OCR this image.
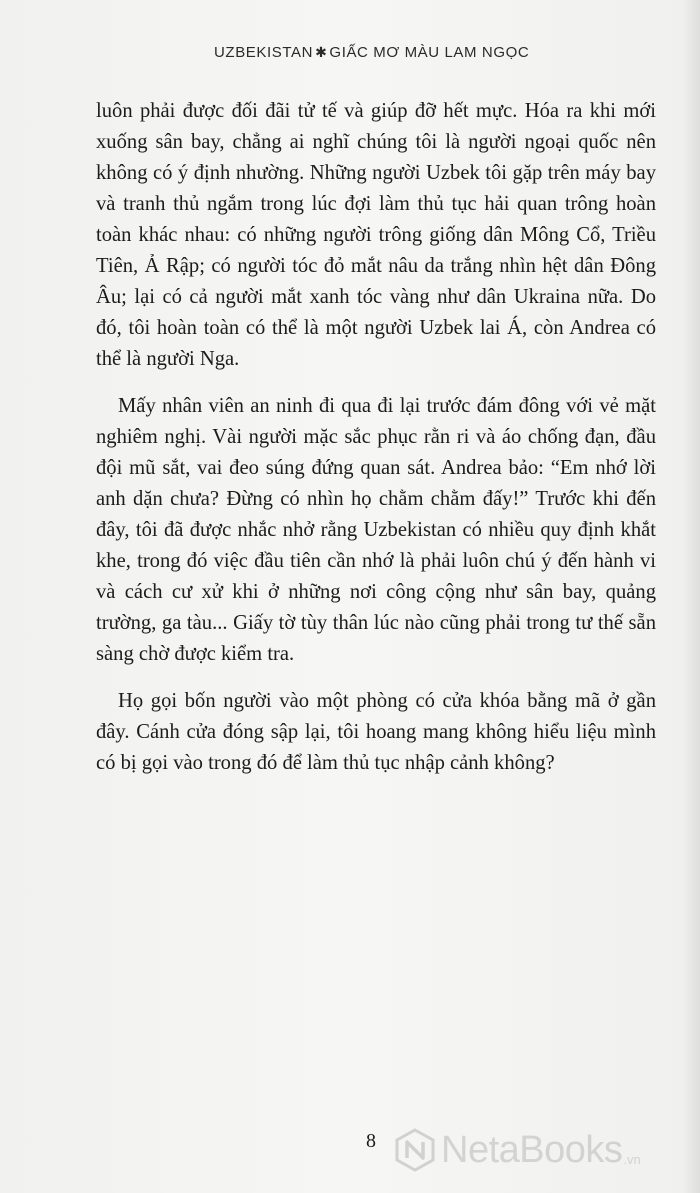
UZBEKISTAN ✱ GIẤC MƠ MÀU LAM NGỌC

luôn phải được đối đãi tử tế và giúp đỡ hết mực. Hóa ra khi mới xuống sân bay, chẳng ai nghĩ chúng tôi là người ngoại quốc nên không có ý định nhường. Những người Uzbek tôi gặp trên máy bay và tranh thủ ngắm trong lúc đợi làm thủ tục hải quan trông hoàn toàn khác nhau: có những người trông giống dân Mông Cổ, Triều Tiên, Ả Rập; có người tóc đỏ mắt nâu da trắng nhìn hệt dân Đông Âu; lại có cả người mắt xanh tóc vàng như dân Ukraina nữa. Do đó, tôi hoàn toàn có thể là một người Uzbek lai Á, còn Andrea có thể là người Nga.

Mấy nhân viên an ninh đi qua đi lại trước đám đông với vẻ mặt nghiêm nghị. Vài người mặc sắc phục rằn ri và áo chống đạn, đầu đội mũ sắt, vai đeo súng đứng quan sát. Andrea bảo: “Em nhớ lời anh dặn chưa? Đừng có nhìn họ chằm chằm đấy!” Trước khi đến đây, tôi đã được nhắc nhở rằng Uzbekistan có nhiều quy định khắt khe, trong đó việc đầu tiên cần nhớ là phải luôn chú ý đến hành vi và cách cư xử khi ở những nơi công cộng như sân bay, quảng trường, ga tàu... Giấy tờ tùy thân lúc nào cũng phải trong tư thế sẵn sàng chờ được kiểm tra.

Họ gọi bốn người vào một phòng có cửa khóa bằng mã ở gần đây. Cánh cửa đóng sập lại, tôi hoang mang không hiểu liệu mình có bị gọi vào trong đó để làm thủ tục nhập cảnh không?

8 NetaBooks .vn
